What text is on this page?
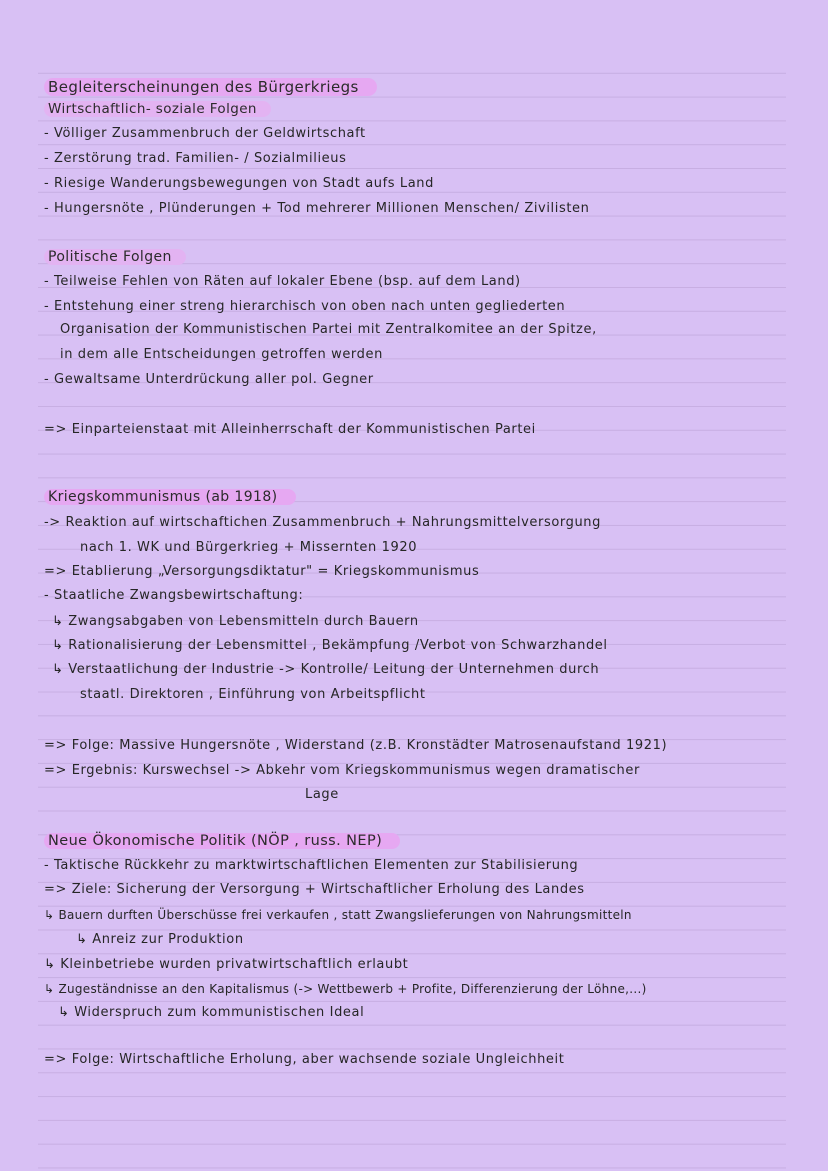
Begleiterscheinungen des Bürgerkriegs
Wirtschaftlich- soziale Folgen
- Völliger Zusammenbruch der Geldwirtschaft
- Zerstörung trad. Familien- / Sozialmilieus
- Riesige Wanderungsbewegungen von Stadt aufs Land
- Hungersnöte , Plünderungen + Tod mehrerer Millionen Menschen/ Zivilisten
Politische Folgen
- Teilweise Fehlen von Räten auf lokaler Ebene (bsp. auf dem Land)
- Entstehung einer streng hierarchisch von oben nach unten gegliederten
Organisation der Kommunistischen Partei mit Zentralkomitee an der Spitze,
in dem alle Entscheidungen getroffen werden
- Gewaltsame Unterdrückung aller pol. Gegner
=> Einparteienstaat mit Alleinherrschaft der Kommunistischen Partei
Kriegskommunismus (ab 1918)
-> Reaktion auf wirtschaftichen Zusammenbruch + Nahrungsmittelversorgung
nach 1. WK und Bürgerkrieg + Missernten 1920
=> Etablierung „Versorgungsdiktatur" = Kriegskommunismus
- Staatliche Zwangsbewirtschaftung:
↳ Zwangsabgaben von Lebensmitteln durch Bauern
↳ Rationalisierung der Lebensmittel , Bekämpfung /Verbot von Schwarzhandel
↳ Verstaatlichung der Industrie -> Kontrolle/ Leitung der Unternehmen durch
staatl. Direktoren , Einführung von Arbeitspflicht
=> Folge: Massive Hungersnöte , Widerstand (z.B. Kronstädter Matrosenaufstand 1921)
=> Ergebnis: Kurswechsel -> Abkehr vom Kriegskommunismus wegen dramatischer
Lage
Neue Ökonomische Politik (NÖP , russ. NEP)
- Taktische Rückkehr zu marktwirtschaftlichen Elementen zur Stabilisierung
=> Ziele: Sicherung der Versorgung + Wirtschaftlicher Erholung des Landes
↳ Bauern durften Überschüsse frei verkaufen , statt Zwangslieferungen von Nahrungsmitteln
↳ Anreiz zur Produktion
↳ Kleinbetriebe wurden privatwirtschaftlich erlaubt
↳ Zugeständnisse an den Kapitalismus (-> Wettbewerb + Profite, Differenzierung der Löhne,...)
↳ Widerspruch zum kommunistischen Ideal
=> Folge: Wirtschaftliche Erholung, aber wachsende soziale Ungleichheit
